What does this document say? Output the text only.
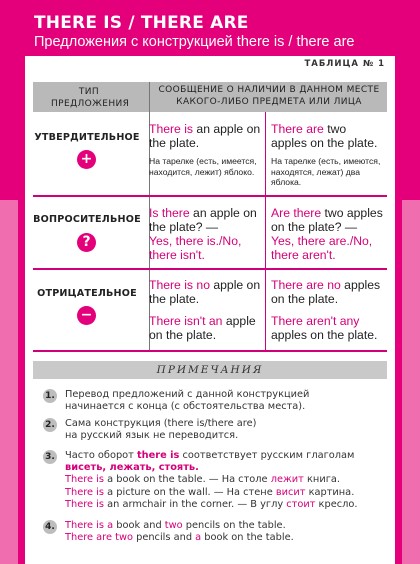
THERE IS / THERE ARE
Предложения с конструкцией there is / there are
ТАБЛИЦА № 1
ТИП ПРЕДЛОЖЕНИЯ
СООБЩЕНИЕ О НАЛИЧИИ В ДАННОМ МЕСТЕ КАКОГО-ЛИБО ПРЕДМЕТА ИЛИ ЛИЦА
УТВЕРДИТЕЛЬНОЕ
+
There is an apple on the plate.
На тарелке (есть, имеется, находится, лежит) яблоко.
There are two apples on the plate.
На тарелке (есть, имеются, находятся, лежат) два яблока.
ВОПРОСИТЕЛЬНОЕ
?
Is there an apple on the plate? —
Yes, there is./No, there isn't.
Are there two apples on the plate? —
Yes, there are./No, there aren't.
ОТРИЦАТЕЛЬНОЕ
−
There is no apple on the plate.
There isn't an apple on the plate.
There are no apples on the plate.
There aren't any apples on the plate.
ПРИМЕЧАНИЯ
1. Перевод предложений с данной конструкцией
начинается с конца (с обстоятельства места).
2. Сама конструкция (there is/there are)
на русский язык не переводится.
3. Часто оборот there is соответствует русским глаголам
висеть, лежать, стоять.
There is a book on the table. — На столе лежит книга.
There is a picture on the wall. — На стене висит картина.
There is an armchair in the corner. — В углу стоит кресло.
4. There is a book and two pencils on the table.
There are two pencils and a book on the table.
